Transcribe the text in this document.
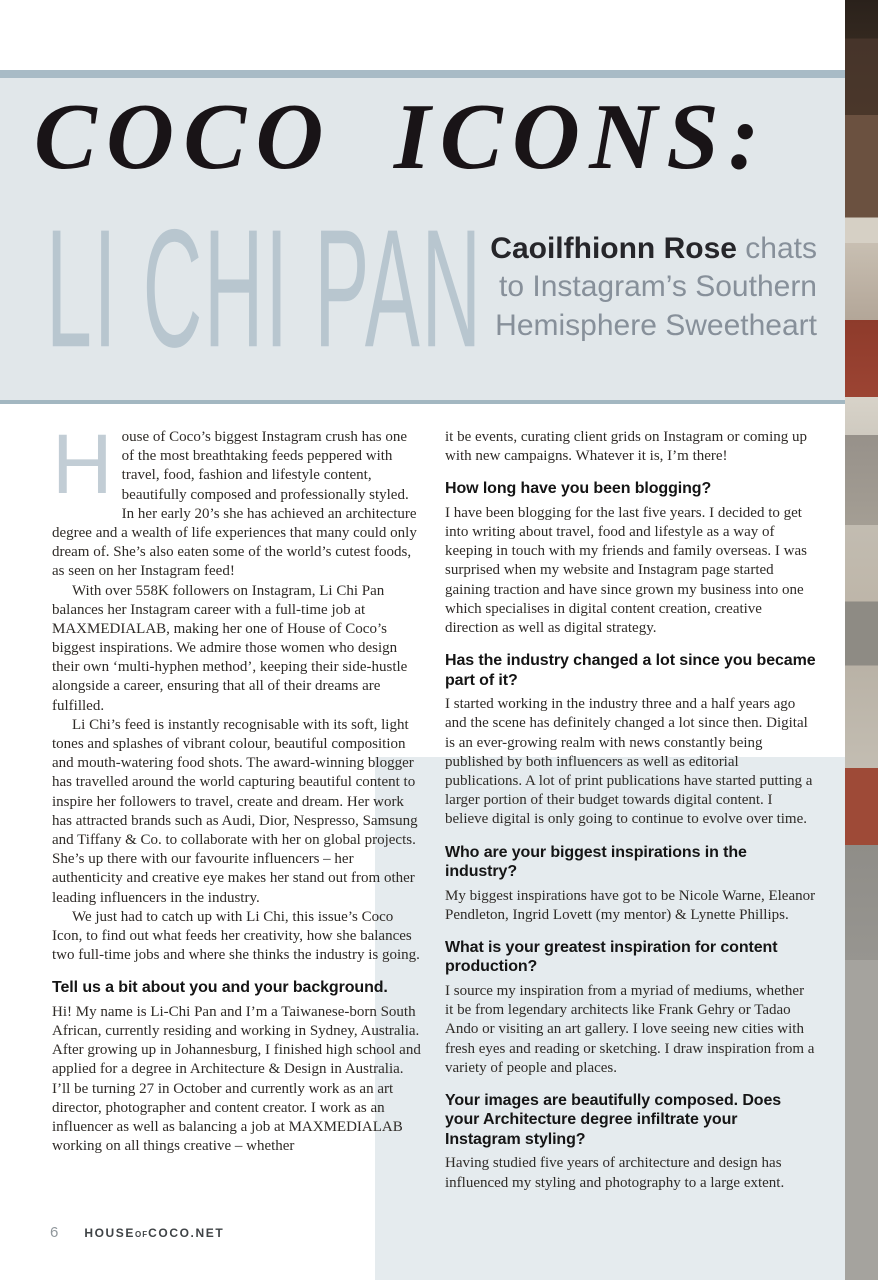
COCO ICONS:
LI CHI PAN Caoilfhionn Rose chats
to Instagram’s Southern
Hemisphere Sweetheart

House of Coco’s biggest Instagram crush has one of the most breathtaking feeds peppered with travel, food, fashion and lifestyle content, beautifully composed and professionally styled. In her early 20’s she has achieved an architecture degree and a wealth of life experiences that many could only dream of. She’s also eaten some of the world’s cutest foods, as seen on her Instagram feed!

With over 558K followers on Instagram, Li Chi Pan balances her Instagram career with a full-time job at MAXMEDIALAB, making her one of House of Coco’s biggest inspirations. We admire those women who design their own ‘multi-hyphen method’, keeping their side-hustle alongside a career, ensuring that all of their dreams are fulfilled.

Li Chi’s feed is instantly recognisable with its soft, light tones and splashes of vibrant colour, beautiful composition and mouth-watering food shots. The award-winning blogger has travelled around the world capturing beautiful content to inspire her followers to travel, create and dream. Her work has attracted brands such as Audi, Dior, Nespresso, Samsung and Tiffany & Co. to collaborate with her on global projects. She’s up there with our favourite influencers – her authenticity and creative eye makes her stand out from other leading influencers in the industry.

We just had to catch up with Li Chi, this issue’s Coco Icon, to find out what feeds her creativity, how she balances two full-time jobs and where she thinks the industry is going.

Tell us a bit about you and your background.

Hi! My name is Li-Chi Pan and I’m a Taiwanese-born South African, currently residing and working in Sydney, Australia. After growing up in Johannesburg, I finished high school and applied for a degree in Architecture & Design in Australia. I’ll be turning 27 in October and currently work as an art director, photographer and content creator. I work as an influencer as well as balancing a job at MAXMEDIALAB working on all things creative – whether

it be events, curating client grids on Instagram or coming up with new campaigns. Whatever it is, I’m there!

How long have you been blogging?

I have been blogging for the last five years. I decided to get into writing about travel, food and lifestyle as a way of keeping in touch with my friends and family overseas. I was surprised when my website and Instagram page started gaining traction and have since grown my business into one which specialises in digital content creation, creative direction as well as digital strategy.

Has the industry changed a lot since you became part of it?

I started working in the industry three and a half years ago and the scene has definitely changed a lot since then. Digital is an ever-growing realm with news constantly being published by both influencers as well as editorial publications. A lot of print publications have started putting a larger portion of their budget towards digital content. I believe digital is only going to continue to evolve over time.

Who are your biggest inspirations in the industry?

My biggest inspirations have got to be Nicole Warne, Eleanor Pendleton, Ingrid Lovett (my mentor) & Lynette Phillips.

What is your greatest inspiration for content production?

I source my inspiration from a myriad of mediums, whether it be from legendary architects like Frank Gehry or Tadao Ando or visiting an art gallery. I love seeing new cities with fresh eyes and reading or sketching. I draw inspiration from a variety of people and places.

Your images are beautifully composed. Does your Architecture degree infiltrate your Instagram styling?

Having studied five years of architecture and design has influenced my styling and photography to a large extent.

6 HOUSEOFCOCO.NET
